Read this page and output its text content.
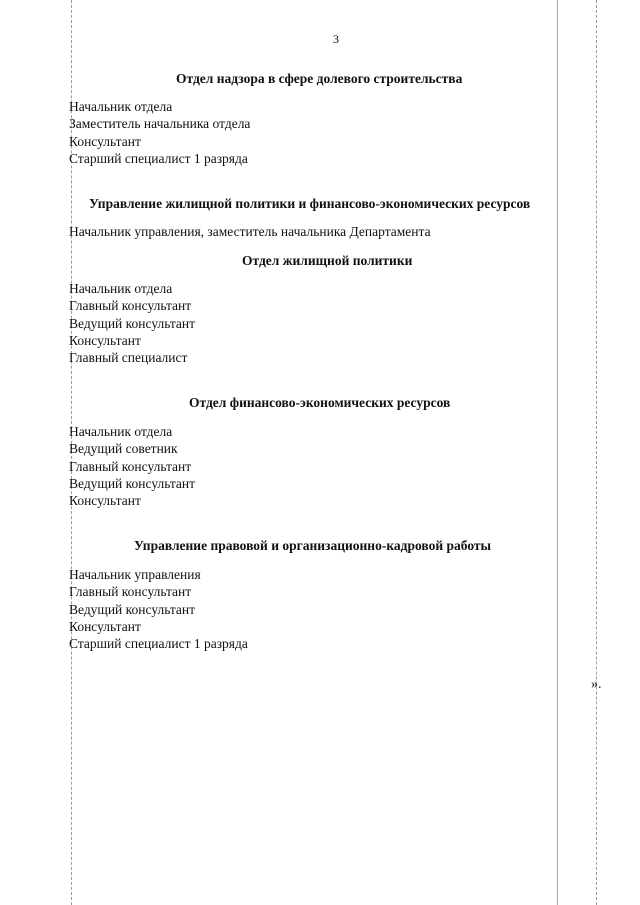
3
Отдел надзора в сфере долевого строительства
Начальник отдела
Заместитель начальника отдела
Консультант
Старший специалист 1 разряда
Управление жилищной политики и финансово-экономических ресурсов
Начальник управления, заместитель начальника Департамента
Отдел жилищной политики
Начальник отдела
Главный консультант
Ведущий консультант
Консультант
Главный специалист
Отдел финансово-экономических ресурсов
Начальник отдела
Ведущий советник
Главный консультант
Ведущий консультант
Консультант
Управление правовой и организационно-кадровой работы
Начальник управления
Главный консультант
Ведущий консультант
Консультант
Старший специалист 1 разряда
».
